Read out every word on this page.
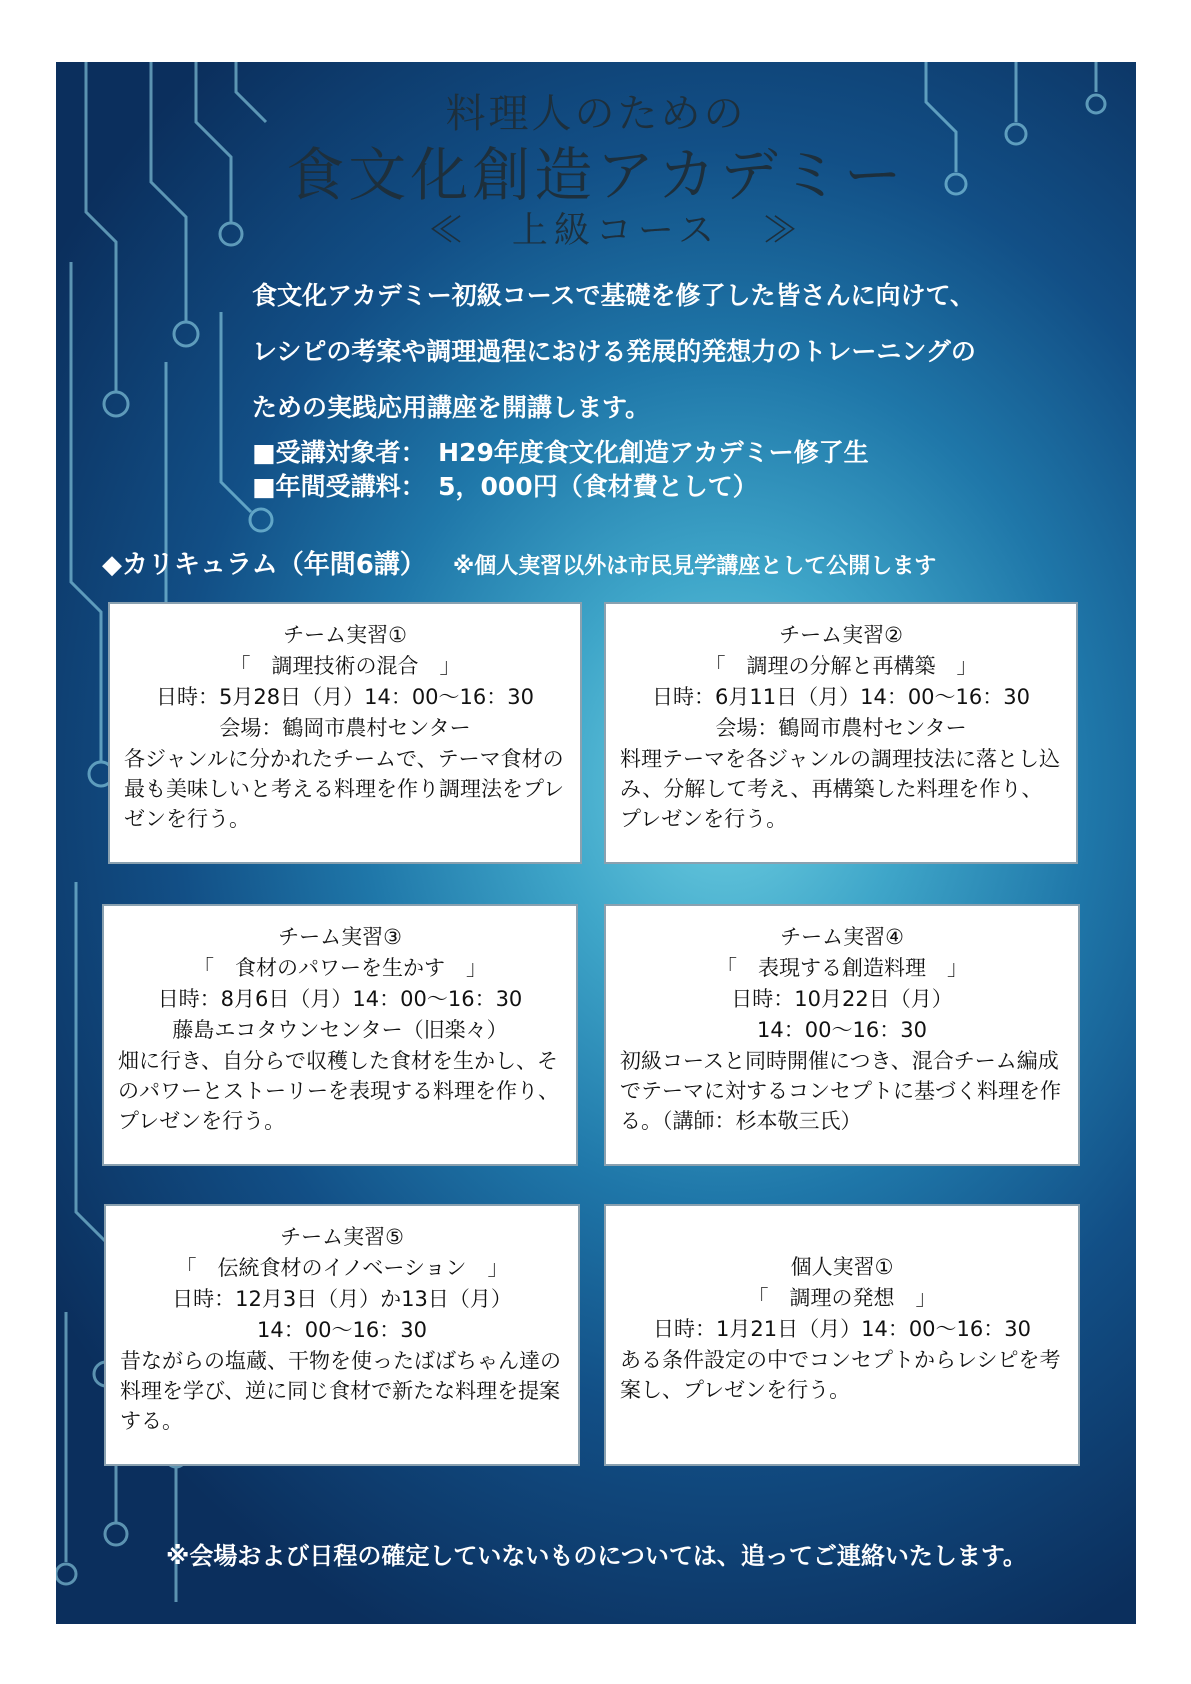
料理人のための
食文化創造アカデミー
≪　上級コース　≫
食文化アカデミー初級コースで基礎を修了した皆さんに向けて、
レシピの考案や調理過程における発展的発想力のトレーニングの
ための実践応用講座を開講します。
■受講対象者：　H29年度食文化創造アカデミー修了生
■年間受講料：　5，000円（食材費として）
◆カリキュラム（年間6講） ※個人実習以外は市民見学講座として公開します
チーム実習①
「　調理技術の混合　」
日時：5月28日（月）14：00～16：30
会場：鶴岡市農村センター
各ジャンルに分かれたチームで、テーマ食材の最も美味しいと考える料理を作り調理法をプレゼンを行う。
チーム実習②
「　調理の分解と再構築　」
日時：6月11日（月）14：00～16：30
会場：鶴岡市農村センター
料理テーマを各ジャンルの調理技法に落とし込み、分解して考え、再構築した料理を作り、プレゼンを行う。
チーム実習③
「　食材のパワーを生かす　」
日時：8月6日（月）14：00～16：30
藤島エコタウンセンター（旧楽々）
畑に行き、自分らで収穫した食材を生かし、そのパワーとストーリーを表現する料理を作り、プレゼンを行う。
チーム実習④
「　表現する創造料理　」
日時：10月22日（月）
14：00～16：30
初級コースと同時開催につき、混合チーム編成でテーマに対するコンセプトに基づく料理を作る。（講師：杉本敬三氏）
チーム実習⑤
「　伝統食材のイノベーション　」
日時：12月3日（月）か13日（月）
14：00～16：30
昔ながらの塩蔵、干物を使ったばばちゃん達の料理を学び、逆に同じ食材で新たな料理を提案する。
個人実習①
「　調理の発想　」
日時：1月21日（月）14：00～16：30
ある条件設定の中でコンセプトからレシピを考案し、プレゼンを行う。
※会場および日程の確定していないものについては、追ってご連絡いたします。
